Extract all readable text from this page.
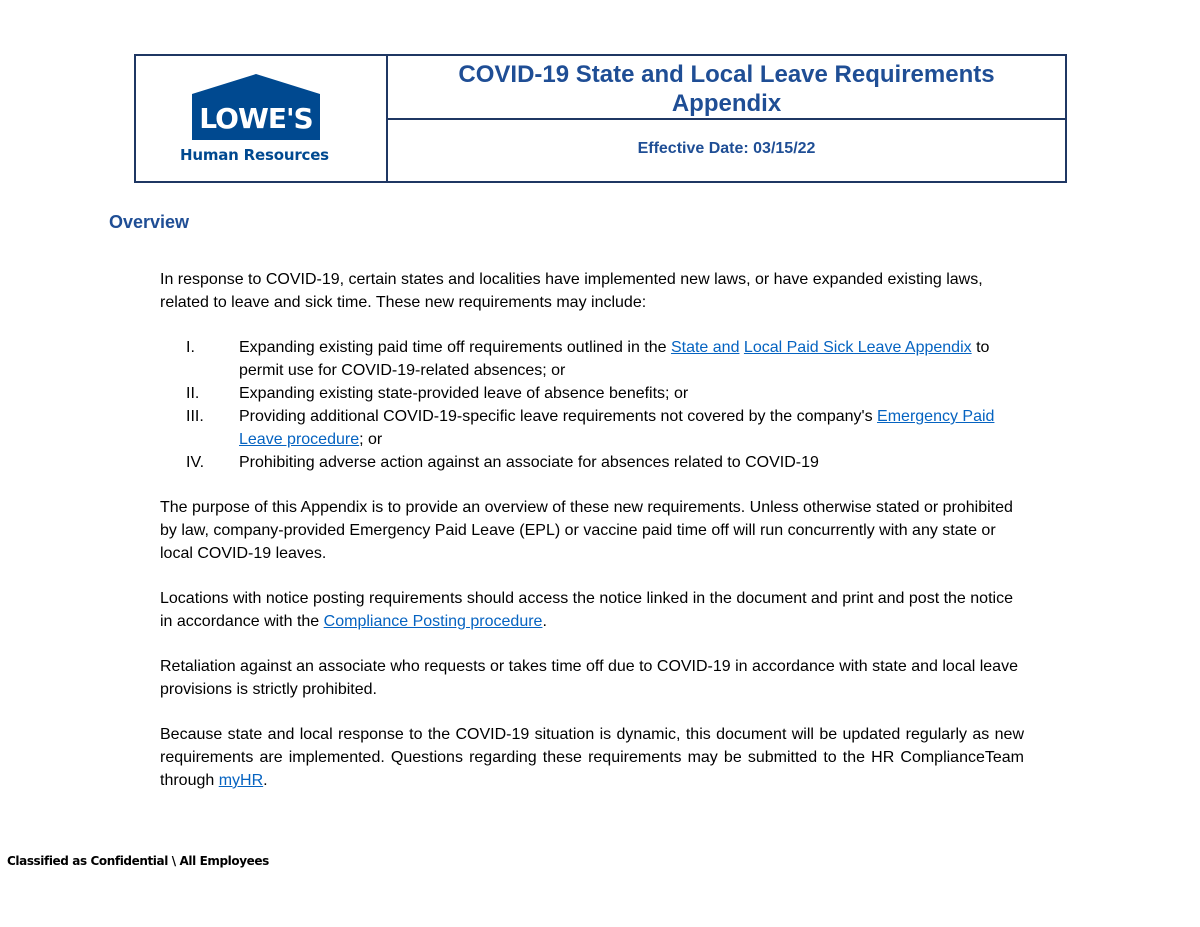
LOWE'S
Human Resources
COVID-19 State and Local Leave Requirements
Appendix
Effective Date: 03/15/22
Overview

In response to COVID-19, certain states and localities have implemented new laws, or have expanded existing laws, related to leave and sick time. These new requirements may include:

I.	Expanding existing paid time off requirements outlined in the State and Local Paid Sick Leave Appendix to permit use for COVID-19-related absences; or
II. Expanding existing state-provided leave of absence benefits; or
III. Providing additional COVID-19-specific leave requirements not covered by the company's Emergency Paid Leave procedure; or
IV. Prohibiting adverse action against an associate for absences related to COVID-19

The purpose of this Appendix is to provide an overview of these new requirements. Unless otherwise stated or prohibited by law, company-provided Emergency Paid Leave (EPL) or vaccine paid time off will run concurrently with any state or local COVID-19 leaves.

Locations with notice posting requirements should access the notice linked in the document and print and post the notice in accordance with the Compliance Posting procedure.

Retaliation against an associate who requests or takes time off due to COVID-19 in accordance with state and local leave provisions is strictly prohibited.

Because state and local response to the COVID-19 situation is dynamic, this document will be updated regularly as new requirements are implemented. Questions regarding these requirements may be submitted to the HR ComplianceTeam through myHR.

Classified as Confidential \ All Employees
